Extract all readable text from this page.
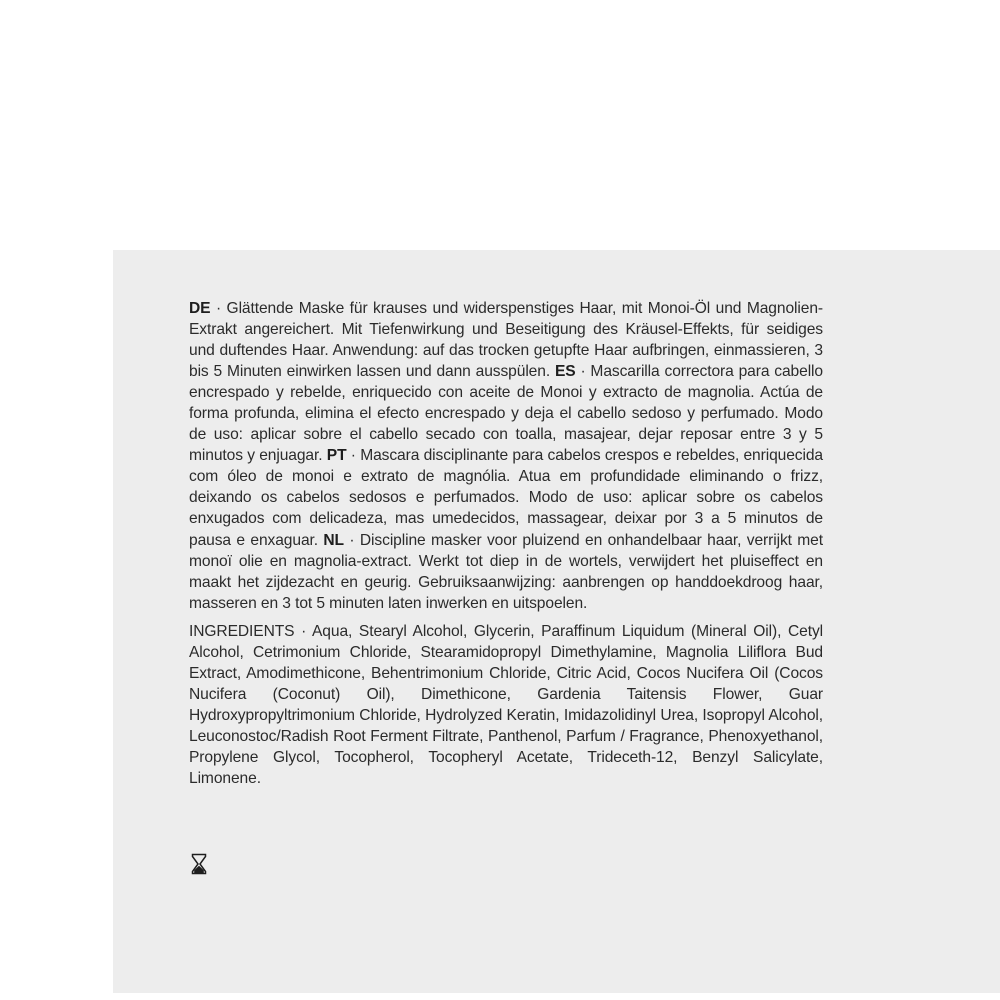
DE · Glättende Maske für krauses und widerspenstiges Haar, mit Monoi-Öl und Magnolien-Extrakt angereichert. Mit Tiefenwirkung und Beseitigung des Kräusel-Effekts, für seidiges und duftendes Haar. Anwendung: auf das trocken getupfte Haar aufbringen, einmassieren, 3 bis 5 Minuten einwirken lassen und dann ausspülen. ES · Mascarilla correctora para cabello encrespado y rebelde, enriquecido con aceite de Monoi y extracto de magnolia. Actúa de forma profunda, elimina el efecto encrespado y deja el cabello sedoso y perfumado. Modo de uso: aplicar sobre el cabello secado con toalla, masajear, dejar reposar entre 3 y 5 minutos y enjuagar. PT · Mascara disciplinante para cabelos crespos e rebeldes, enriquecida com óleo de monoi e extrato de magnólia. Atua em profundidade eliminando o frizz, deixando os cabelos sedosos e perfumados. Modo de uso: aplicar sobre os cabelos enxugados com delicadeza, mas umedecidos, massagear, deixar por 3 a 5 minutos de pausa e enxaguar. NL · Discipline masker voor pluizend en onhandelbaar haar, verrijkt met monoï olie en magnolia-extract. Werkt tot diep in de wortels, verwijdert het pluiseffect en maakt het zijdezacht en geurig. Gebruiksaanwijzing: aanbrengen op handdoekdroog haar, masseren en 3 tot 5 minuten laten inwerken en uitspoelen.

INGREDIENTS · Aqua, Stearyl Alcohol, Glycerin, Paraffinum Liquidum (Mineral Oil), Cetyl Alcohol, Cetrimonium Chloride, Stearamidopropyl Dimethylamine, Magnolia Liliflora Bud Extract, Amodimethicone, Behentrimonium Chloride, Citric Acid, Cocos Nucifera Oil (Cocos Nucifera (Coconut) Oil), Dimethicone, Gardenia Taitensis Flower, Guar Hydroxypropyltrimonium Chloride, Hydrolyzed Keratin, Imidazolidinyl Urea, Isopropyl Alcohol, Leuconostoc/Radish Root Ferment Filtrate, Panthenol, Parfum / Fragrance, Phenoxyethanol, Propylene Glycol, Tocopherol, Tocopheryl Acetate, Trideceth-12, Benzyl Salicylate, Limonene.
